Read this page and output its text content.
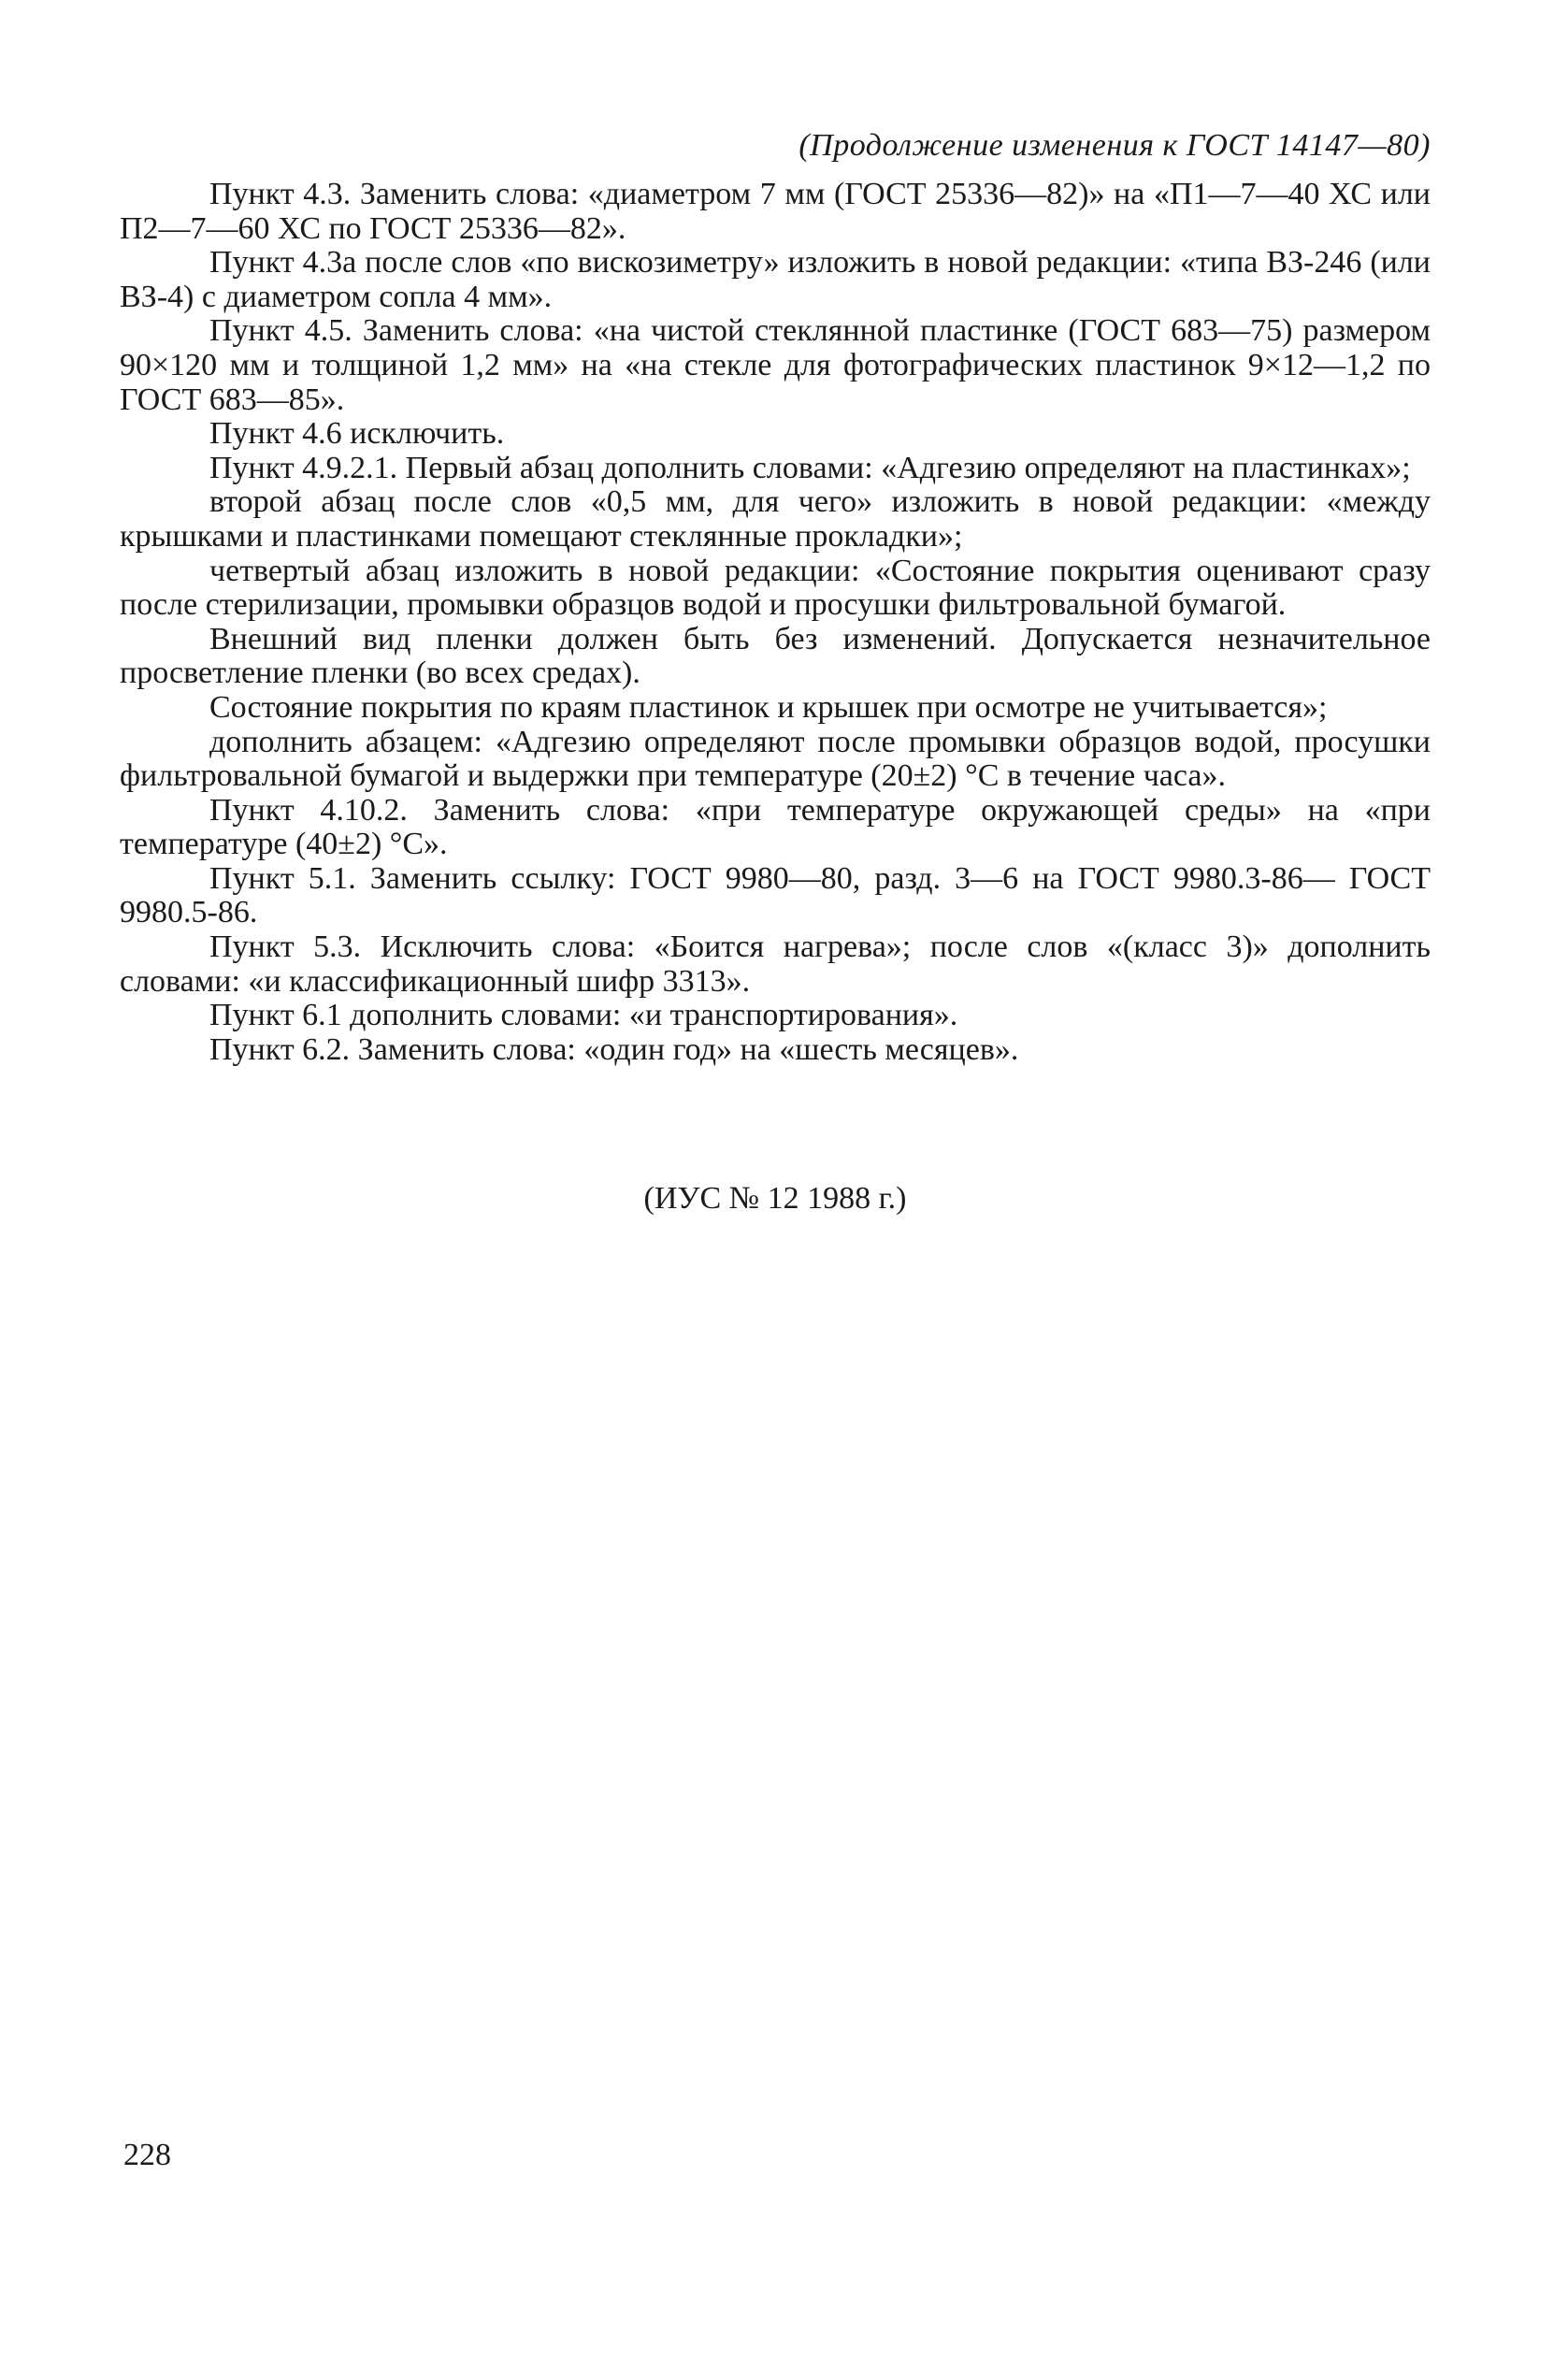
(Продолжение изменения к ГОСТ 14147—80)

Пункт 4.3. Заменить слова: «диаметром 7 мм (ГОСТ 25336—82)» на «П1—7—40 ХС или П2—7—60 ХС по ГОСТ 25336—82».

Пункт 4.3а после слов «по вискозиметру» изложить в новой редакции: «типа ВЗ-246 (или ВЗ-4) с диаметром сопла 4 мм».

Пункт 4.5. Заменить слова: «на чистой стеклянной пластинке (ГОСТ 683—75) размером 90×120 мм и толщиной 1,2 мм» на «на стекле для фотографических пластинок 9×12—1,2 по ГОСТ 683—85».

Пункт 4.6 исключить.

Пункт 4.9.2.1. Первый абзац дополнить словами: «Адгезию определяют на пластинках»;

второй абзац после слов «0,5 мм, для чего» изложить в новой редакции: «между крышками и пластинками помещают стеклянные прокладки»;

четвертый абзац изложить в новой редакции: «Состояние покрытия оценивают сразу после стерилизации, промывки образцов водой и просушки фильтровальной бумагой.

Внешний вид пленки должен быть без изменений. Допускается незначительное просветление пленки (во всех средах).

Состояние покрытия по краям пластинок и крышек при осмотре не учитывается»;

дополнить абзацем: «Адгезию определяют после промывки образцов водой, просушки фильтровальной бумагой и выдержки при температуре (20±2) °С в течение часа».

Пункт 4.10.2. Заменить слова: «при температуре окружающей среды» на «при температуре (40±2) °С».

Пункт 5.1. Заменить ссылку: ГОСТ 9980—80, разд. 3—6 на ГОСТ 9980.3-86— ГОСТ 9980.5-86.

Пункт 5.3. Исключить слова: «Боится нагрева»; после слов «(класс 3)» дополнить словами: «и классификационный шифр 3313».

Пункт 6.1 дополнить словами: «и транспортирования».

Пункт 6.2. Заменить слова: «один год» на «шесть месяцев».

(ИУС № 12 1988 г.)
228
